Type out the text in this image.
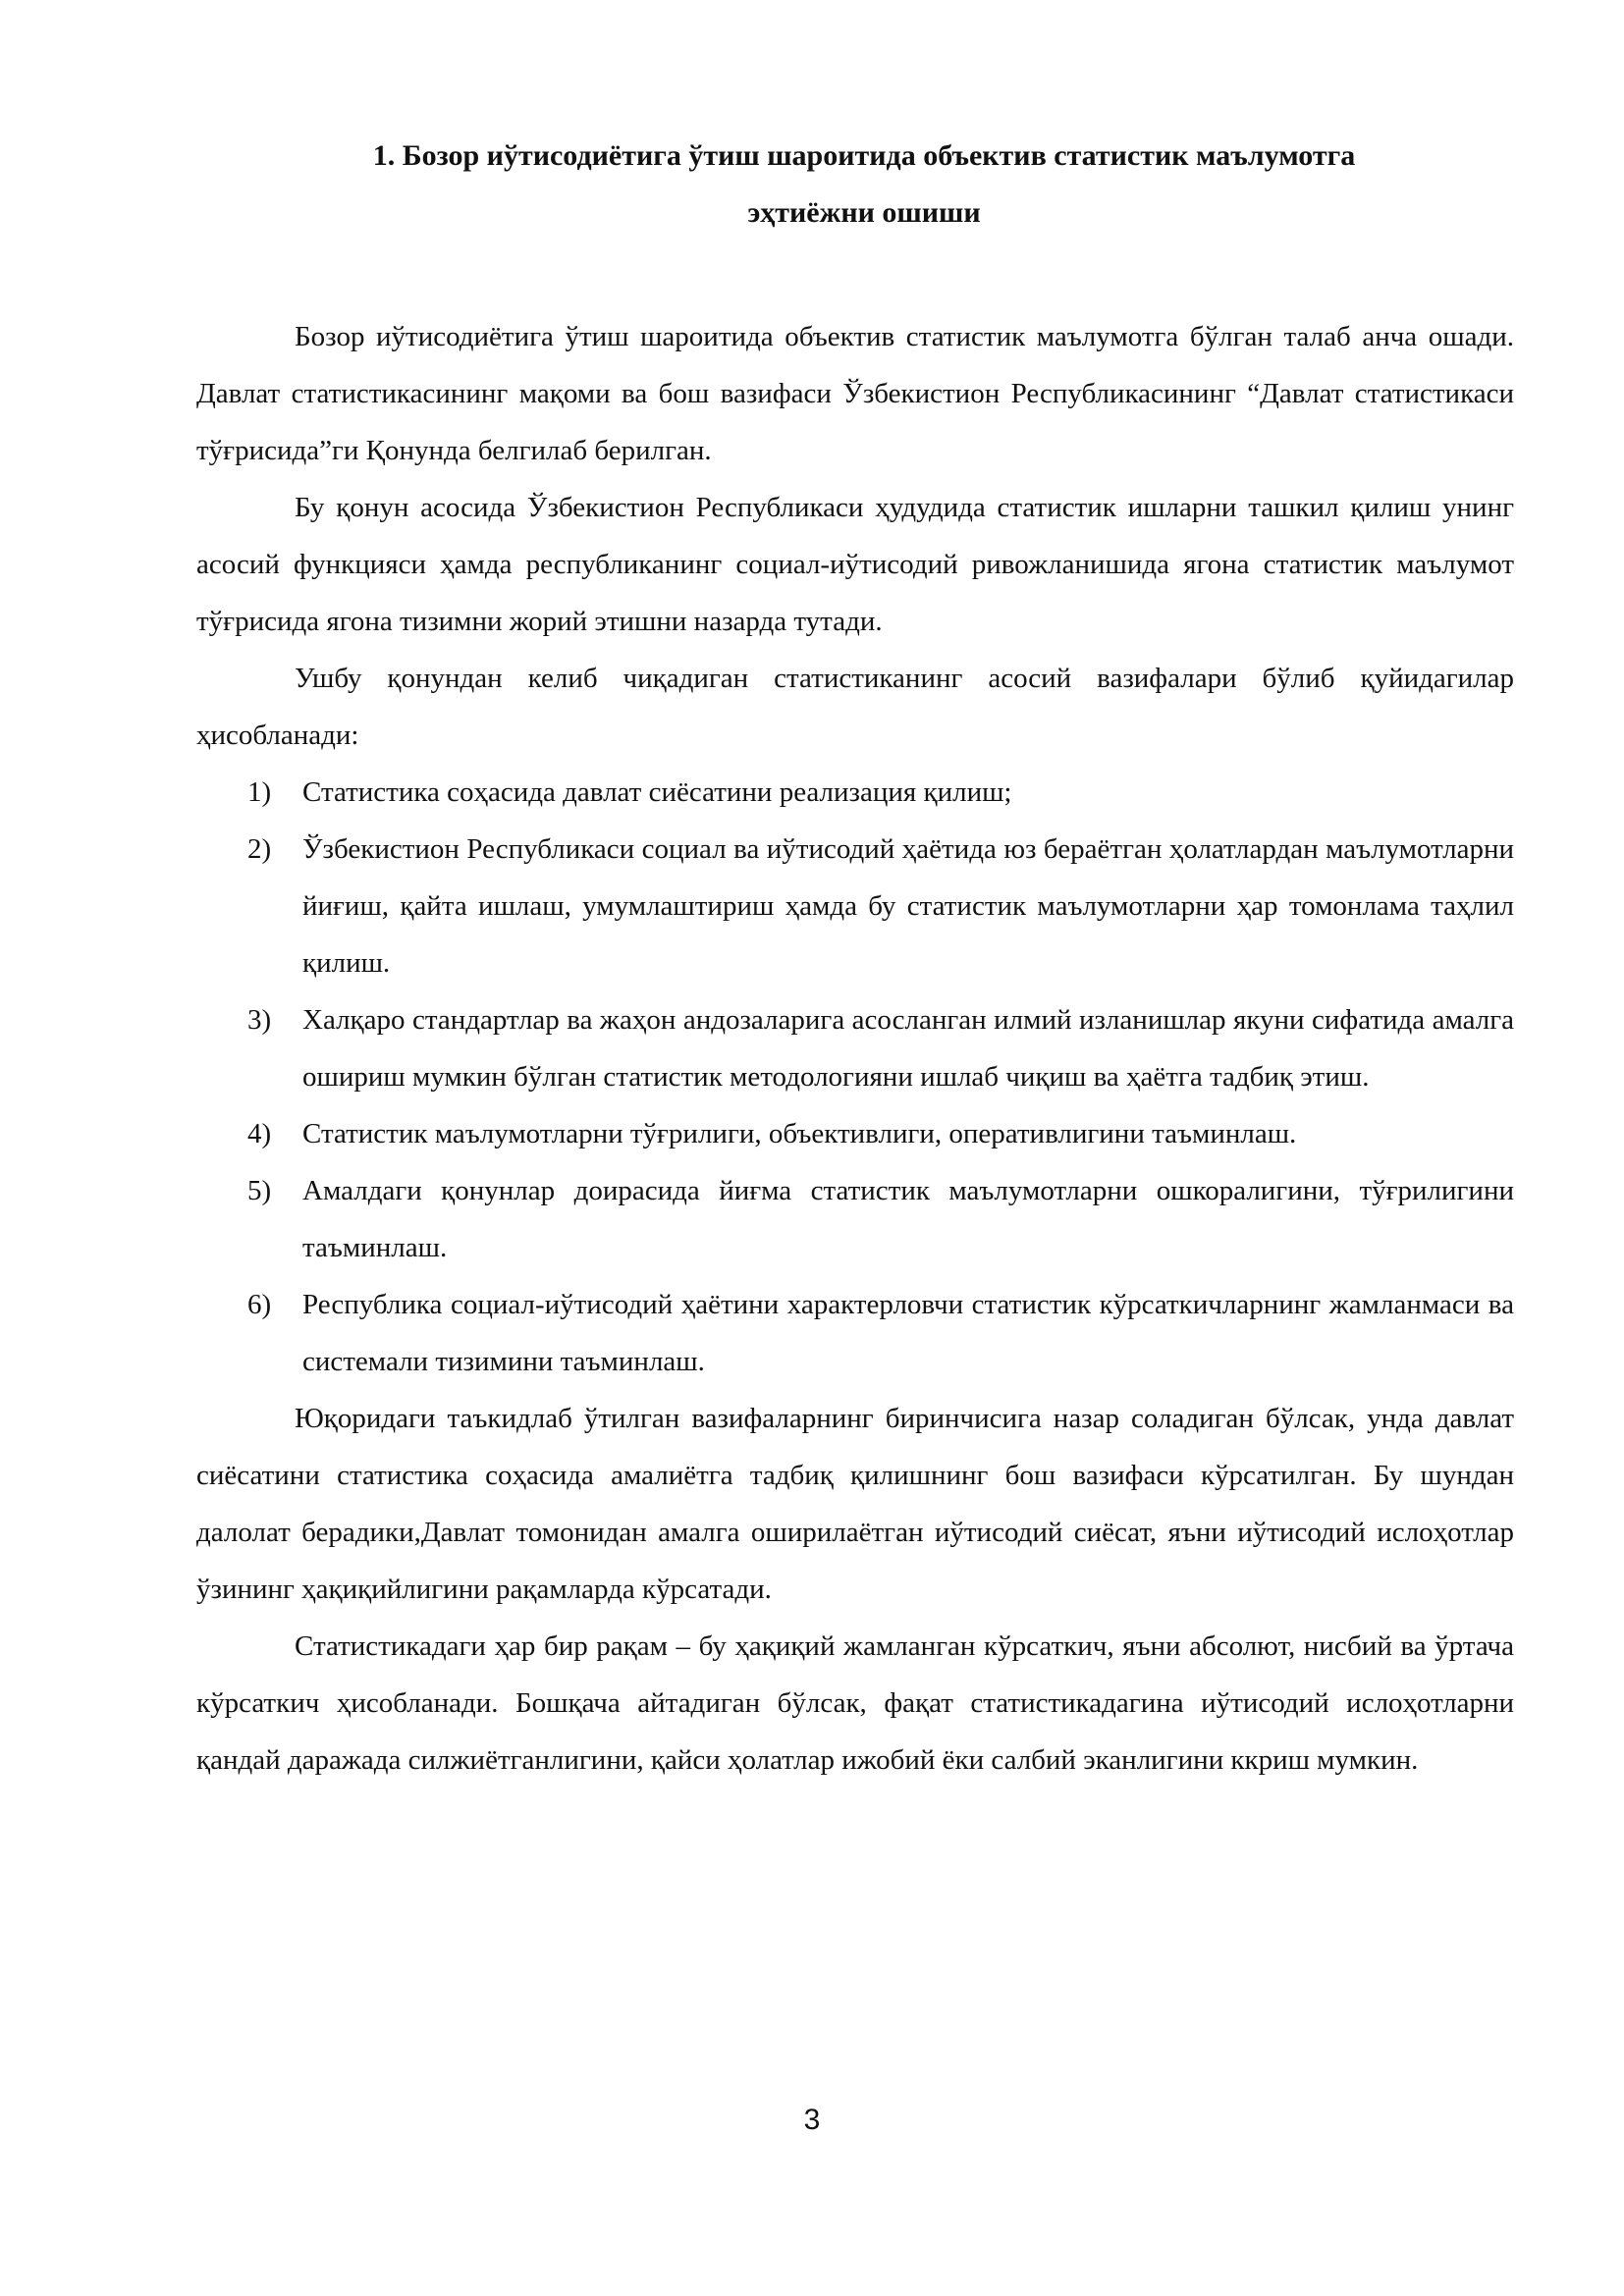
1. Бозор иўтисодиётига ўтиш шароитида объектив статистик маълумотга
эҳтиёжни ошиши

Бозор иўтисодиётига ўтиш шароитида объектив статистик маълумотга бўлган талаб анча ошади. Давлат статистикасининг мақоми ва бош вазифаси Ўзбекистион Республикасининг “Давлат статистикаси тўғрисида”ги Қонунда белгилаб берилган.

Бу қонун асосида Ўзбекистион Республикаси ҳудудида статистик ишларни ташкил қилиш унинг асосий функцияси ҳамда республиканинг социал-иўтисодий ривожланишида ягона статистик маълумот тўғрисида ягона тизимни жорий этишни назарда тутади.

Ушбу қонундан келиб чиқадиган статистиканинг асосий вазифалари бўлиб қуйидагилар ҳисобланади:

1) Статистика соҳасида давлат сиёсатини реализация қилиш;
2) Ўзбекистион Республикаси социал ва иўтисодий ҳаётида юз бераётган ҳолатлардан маълумотларни йиғиш, қайта ишлаш, умумлаштириш ҳамда бу статистик маълумотларни ҳар томонлама таҳлил қилиш.
3) Халқаро стандартлар ва жаҳон андозаларига асосланган илмий изланишлар якуни сифатида амалга ошириш мумкин бўлган статистик методологияни ишлаб чиқиш ва ҳаётга тадбиқ этиш.
4) Статистик маълумотларни тўғрилиги, объективлиги, оперативлигини таъминлаш.
5) Амалдаги қонунлар доирасида йиғма статистик маълумотларни ошкоралигини, тўғрилигини таъминлаш.
6) Республика социал-иўтисодий ҳаётини характерловчи статистик кўрсаткичларнинг жамланмаси ва системали тизимини таъминлаш.

Юқоридаги таъкидлаб ўтилган вазифаларнинг биринчисига назар соладиган бўлсак, унда давлат сиёсатини статистика соҳасида амалиётга тадбиқ қилишнинг бош вазифаси кўрсатилган. Бу шундан далолат берадики,Давлат томонидан амалга оширилаётган иўтисодий сиёсат, яъни иўтисодий ислоҳотлар ўзининг ҳақиқийлигини рақамларда кўрсатади.

Статистикадаги ҳар бир рақам – бу ҳақиқий жамланган кўрсаткич, яъни абсолют, нисбий ва ўртача кўрсаткич ҳисобланади. Бошқача айтадиган бўлсак, фақат статистикадагина иўтисодий ислоҳотларни қандай даражада силжиётганлигини, қайси ҳолатлар ижобий ёки салбий эканлигини ккриш мумкин.

3
